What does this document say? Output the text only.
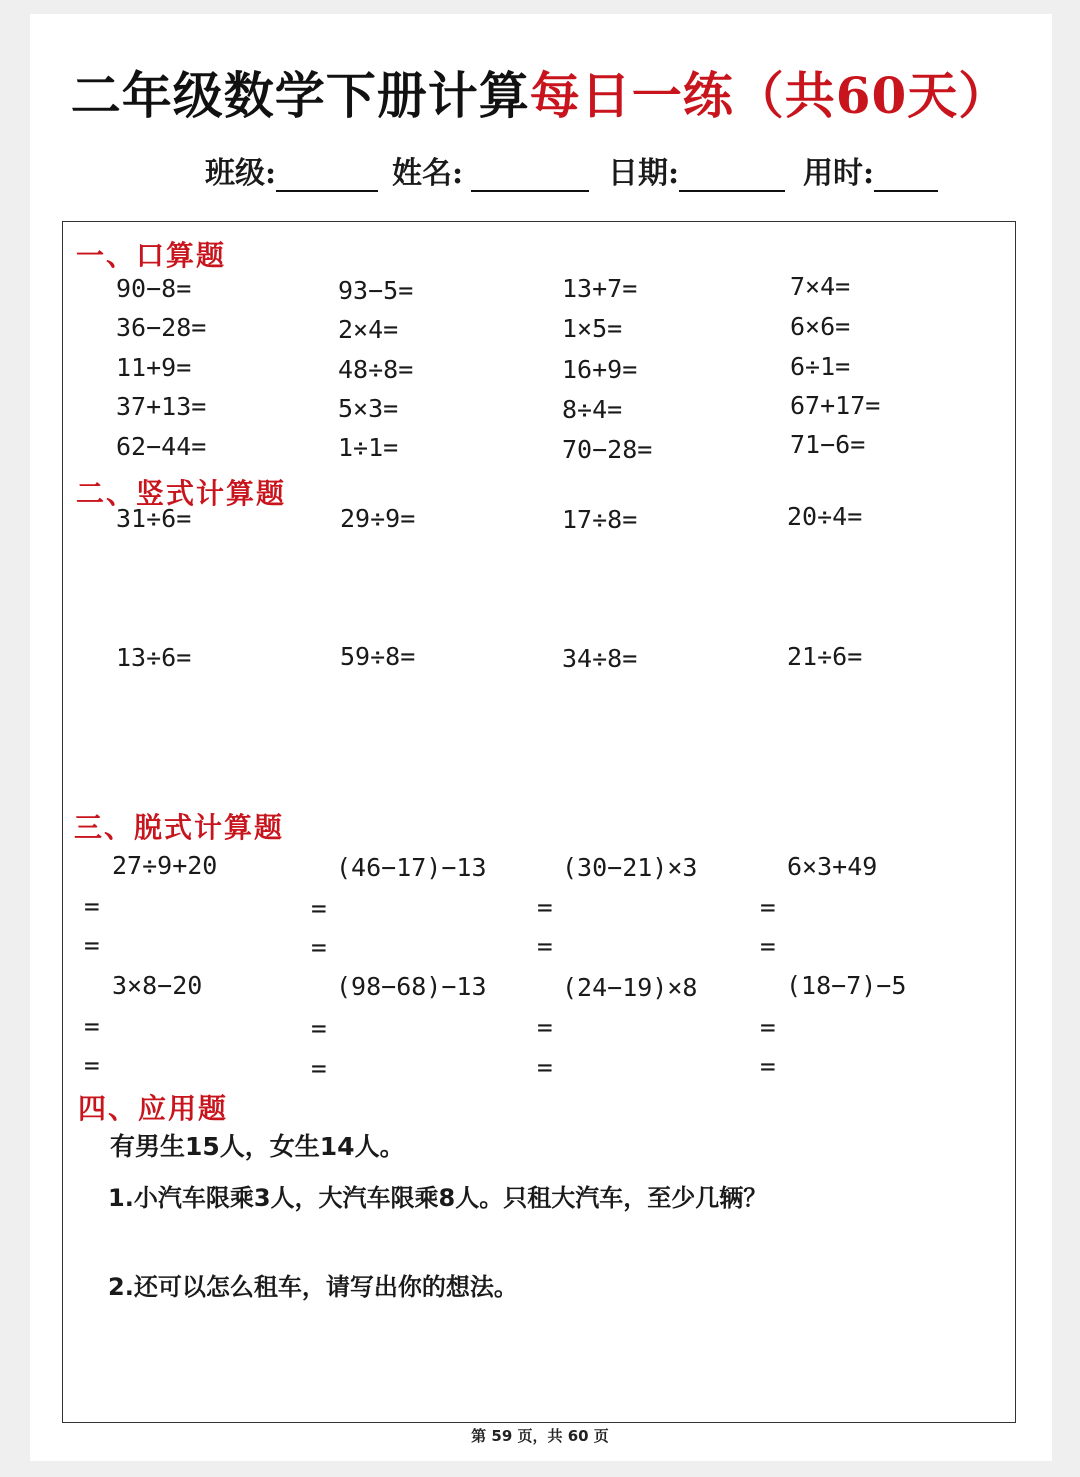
二年级数学下册计算每日一练（共60天）
班级:	姓名:	日期:	用时:
一、口算题
90−8=	93−5=	13+7=	7×4=
36−28=	2×4=	1×5=	6×6=
11+9=	48÷8=	16+9=	6÷1=
37+13=	5×3=	8÷4=	67+17=
62−44=	1÷1=	70−28=	71−6=
二、竖式计算题
31÷6=	29÷9=	17÷8=	20÷4=
13÷6=	59÷8=	34÷8=	21÷6=
三、脱式计算题
27÷9+20	(46−17)−13	(30−21)×3	6×3+49
=	=	=	=
=	=	=	=
3×8−20	(98−68)−13	(24−19)×8	(18−7)−5
=	=	=	=
=	=	=	=
四、应用题
有男生15人，女生14人。
1.小汽车限乘3人，大汽车限乘8人。只租大汽车，至少几辆？
2.还可以怎么租车，请写出你的想法。
第 59 页，共 60 页
